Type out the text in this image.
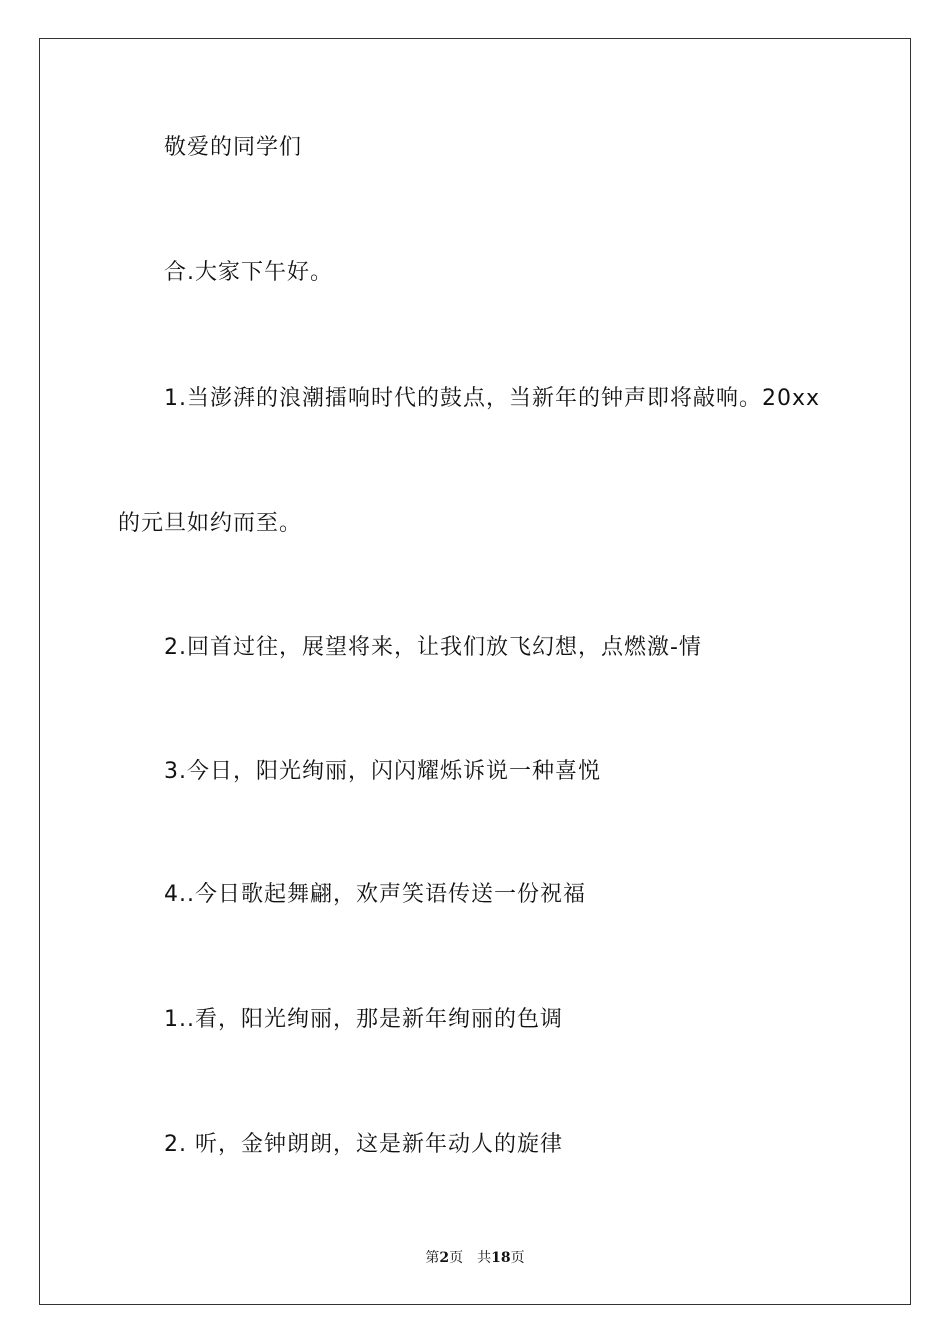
敬爱的同学们
合.大家下午好。
1.当澎湃的浪潮擂响时代的鼓点，当新年的钟声即将敲响。20xx
的元旦如约而至。
2.回首过往，展望将来，让我们放飞幻想，点燃激-情
3.今日，阳光绚丽，闪闪耀烁诉说一种喜悦
4..今日歌起舞翩，欢声笑语传送一份祝福
1..看，阳光绚丽，那是新年绚丽的色调
2. 听，金钟朗朗，这是新年动人的旋律
第2页 共18页
